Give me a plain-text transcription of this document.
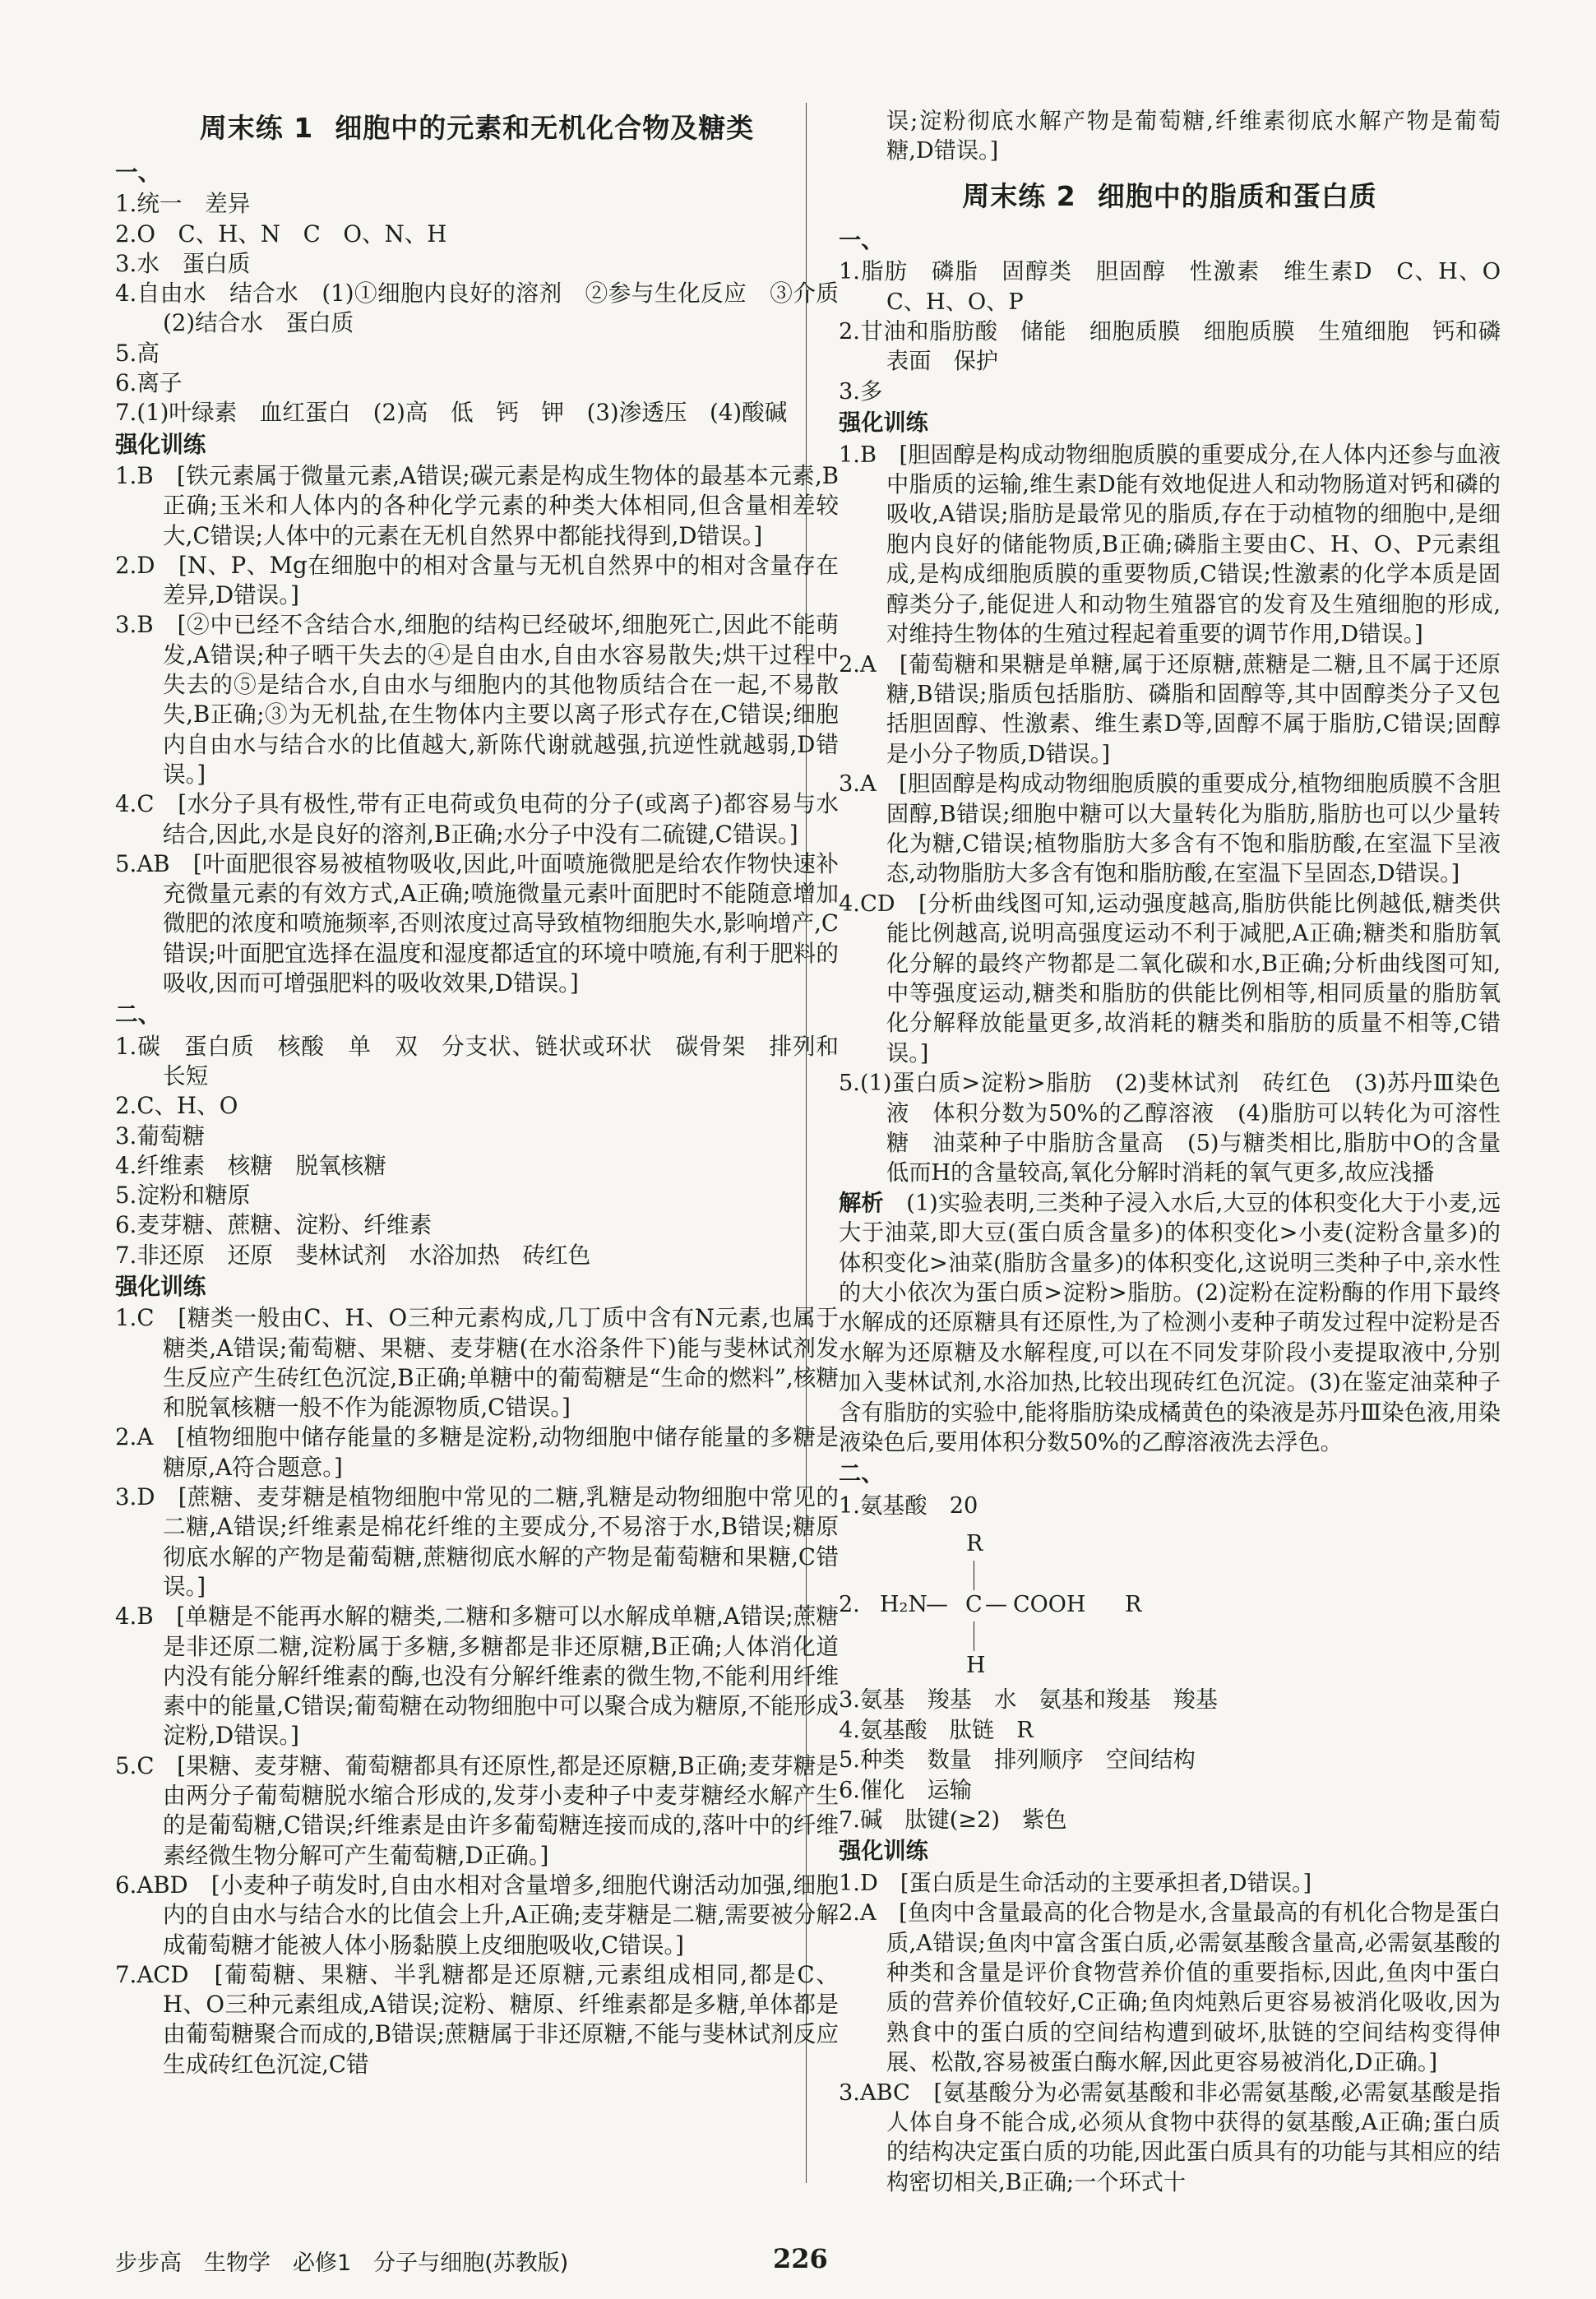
周末练 1 细胞中的元素和无机化合物及糖类
一、
1.统一　差异
2.O　C、H、N　C　O、N、H
3.水　蛋白质
4.自由水　结合水　(1)①细胞内良好的溶剂　②参与生化反应　③介质　(2)结合水　蛋白质
5.高
6.离子
7.(1)叶绿素　血红蛋白　(2)高　低　钙　钾　(3)渗透压　(4)酸碱
强化训练
1.B　[铁元素属于微量元素,A错误;碳元素是构成生物体的最基本元素,B正确;玉米和人体内的各种化学元素的种类大体相同,但含量相差较大,C错误;人体中的元素在无机自然界中都能找得到,D错误。]
2.D　[N、P、Mg在细胞中的相对含量与无机自然界中的相对含量存在差异,D错误。]
3.B　[②中已经不含结合水,细胞的结构已经破坏,细胞死亡,因此不能萌发,A错误;种子晒干失去的④是自由水,自由水容易散失;烘干过程中失去的⑤是结合水,自由水与细胞内的其他物质结合在一起,不易散失,B正确;③为无机盐,在生物体内主要以离子形式存在,C错误;细胞内自由水与结合水的比值越大,新陈代谢就越强,抗逆性就越弱,D错误。]
4.C　[水分子具有极性,带有正电荷或负电荷的分子(或离子)都容易与水结合,因此,水是良好的溶剂,B正确;水分子中没有二硫键,C错误。]
5.AB　[叶面肥很容易被植物吸收,因此,叶面喷施微肥是给农作物快速补充微量元素的有效方式,A正确;喷施微量元素叶面肥时不能随意增加微肥的浓度和喷施频率,否则浓度过高导致植物细胞失水,影响增产,C错误;叶面肥宜选择在温度和湿度都适宜的环境中喷施,有利于肥料的吸收,因而可增强肥料的吸收效果,D错误。]
二、
1.碳　蛋白质　核酸　单　双　分支状、链状或环状　碳骨架　排列和长短
2.C、H、O
3.葡萄糖
4.纤维素　核糖　脱氧核糖
5.淀粉和糖原
6.麦芽糖、蔗糖、淀粉、纤维素
7.非还原　还原　斐林试剂　水浴加热　砖红色
强化训练
1.C　[糖类一般由C、H、O三种元素构成,几丁质中含有N元素,也属于糖类,A错误;葡萄糖、果糖、麦芽糖(在水浴条件下)能与斐林试剂发生反应产生砖红色沉淀,B正确;单糖中的葡萄糖是“生命的燃料”,核糖和脱氧核糖一般不作为能源物质,C错误。]
2.A　[植物细胞中储存能量的多糖是淀粉,动物细胞中储存能量的多糖是糖原,A符合题意。]
3.D　[蔗糖、麦芽糖是植物细胞中常见的二糖,乳糖是动物细胞中常见的二糖,A错误;纤维素是棉花纤维的主要成分,不易溶于水,B错误;糖原彻底水解的产物是葡萄糖,蔗糖彻底水解的产物是葡萄糖和果糖,C错误。]
4.B　[单糖是不能再水解的糖类,二糖和多糖可以水解成单糖,A错误;蔗糖是非还原二糖,淀粉属于多糖,多糖都是非还原糖,B正确;人体消化道内没有能分解纤维素的酶,也没有分解纤维素的微生物,不能利用纤维素中的能量,C错误;葡萄糖在动物细胞中可以聚合成为糖原,不能形成淀粉,D错误。]
5.C　[果糖、麦芽糖、葡萄糖都具有还原性,都是还原糖,B正确;麦芽糖是由两分子葡萄糖脱水缩合形成的,发芽小麦种子中麦芽糖经水解产生的是葡萄糖,C错误;纤维素是由许多葡萄糖连接而成的,落叶中的纤维素经微生物分解可产生葡萄糖,D正确。]
6.ABD　[小麦种子萌发时,自由水相对含量增多,细胞代谢活动加强,细胞内的自由水与结合水的比值会上升,A正确;麦芽糖是二糖,需要被分解成葡萄糖才能被人体小肠黏膜上皮细胞吸收,C错误。]
7.ACD　[葡萄糖、果糖、半乳糖都是还原糖,元素组成相同,都是C、H、O三种元素组成,A错误;淀粉、糖原、纤维素都是多糖,单体都是由葡萄糖聚合而成的,B错误;蔗糖属于非还原糖,不能与斐林试剂反应生成砖红色沉淀,C错
误;淀粉彻底水解产物是葡萄糖,纤维素彻底水解产物是葡萄糖,D错误。]
周末练 2 细胞中的脂质和蛋白质
一、
1.脂肪　磷脂　固醇类　胆固醇　性激素　维生素D　C、H、O　C、H、O、P
2.甘油和脂肪酸　储能　细胞质膜　细胞质膜　生殖细胞　钙和磷　表面　保护
3.多
强化训练
1.B　[胆固醇是构成动物细胞质膜的重要成分,在人体内还参与血液中脂质的运输,维生素D能有效地促进人和动物肠道对钙和磷的吸收,A错误;脂肪是最常见的脂质,存在于动植物的细胞中,是细胞内良好的储能物质,B正确;磷脂主要由C、H、O、P元素组成,是构成细胞质膜的重要物质,C错误;性激素的化学本质是固醇类分子,能促进人和动物生殖器官的发育及生殖细胞的形成,对维持生物体的生殖过程起着重要的调节作用,D错误。]
2.A　[葡萄糖和果糖是单糖,属于还原糖,蔗糖是二糖,且不属于还原糖,B错误;脂质包括脂肪、磷脂和固醇等,其中固醇类分子又包括胆固醇、性激素、维生素D等,固醇不属于脂肪,C错误;固醇是小分子物质,D错误。]
3.A　[胆固醇是构成动物细胞质膜的重要成分,植物细胞质膜不含胆固醇,B错误;细胞中糖可以大量转化为脂肪,脂肪也可以少量转化为糖,C错误;植物脂肪大多含有不饱和脂肪酸,在室温下呈液态,动物脂肪大多含有饱和脂肪酸,在室温下呈固态,D错误。]
4.CD　[分析曲线图可知,运动强度越高,脂肪供能比例越低,糖类供能比例越高,说明高强度运动不利于减肥,A正确;糖类和脂肪氧化分解的最终产物都是二氧化碳和水,B正确;分析曲线图可知,中等强度运动,糖类和脂肪的供能比例相等,相同质量的脂肪氧化分解释放能量更多,故消耗的糖类和脂肪的质量不相等,C错误。]
5.(1)蛋白质>淀粉>脂肪　(2)斐林试剂　砖红色　(3)苏丹Ⅲ染色液　体积分数为50%的乙醇溶液　(4)脂肪可以转化为可溶性糖　油菜种子中脂肪含量高　(5)与糖类相比,脂肪中O的含量低而H的含量较高,氧化分解时消耗的氧气更多,故应浅播
解析　 (1)实验表明,三类种子浸入水后,大豆的体积变化大于小麦,远大于油菜,即大豆(蛋白质含量多)的体积变化>小麦(淀粉含量多)的体积变化>油菜(脂肪含量多)的体积变化,这说明三类种子中,亲水性的大小依次为蛋白质>淀粉>脂肪。(2)淀粉在淀粉酶的作用下最终水解成的还原糖具有还原性,为了检测小麦种子萌发过程中淀粉是否水解为还原糖及水解程度,可以在不同发芽阶段小麦提取液中,分别加入斐林试剂,水浴加热,比较出现砖红色沉淀。(3)在鉴定油菜种子含有脂肪的实验中,能将脂肪染成橘黄色的染液是苏丹Ⅲ染色液,用染液染色后,要用体积分数50%的乙醇溶液洗去浮色。
二、
1.氨基酸　20
2.
R
H₂N
— C — COOH R
H
3.氨基　羧基　水　氨基和羧基　羧基
4.氨基酸　肽链　R
5.种类　数量　排列顺序　空间结构
6.催化　运输
7.碱　肽键(≥2)　紫色
强化训练
1.D　[蛋白质是生命活动的主要承担者,D错误。]
2.A　[鱼肉中含量最高的化合物是水,含量最高的有机化合物是蛋白质,A错误;鱼肉中富含蛋白质,必需氨基酸含量高,必需氨基酸的种类和含量是评价食物营养价值的重要指标,因此,鱼肉中蛋白质的营养价值较好,C正确;鱼肉炖熟后更容易被消化吸收,因为熟食中的蛋白质的空间结构遭到破坏,肽链的空间结构变得伸展、松散,容易被蛋白酶水解,因此更容易被消化,D正确。]
3.ABC　[氨基酸分为必需氨基酸和非必需氨基酸,必需氨基酸是指人体自身不能合成,必须从食物中获得的氨基酸,A正确;蛋白质的结构决定蛋白质的功能,因此蛋白质具有的功能与其相应的结构密切相关,B正确;一个环式十
步步高　生物学　必修1　分子与细胞(苏教版)	226
